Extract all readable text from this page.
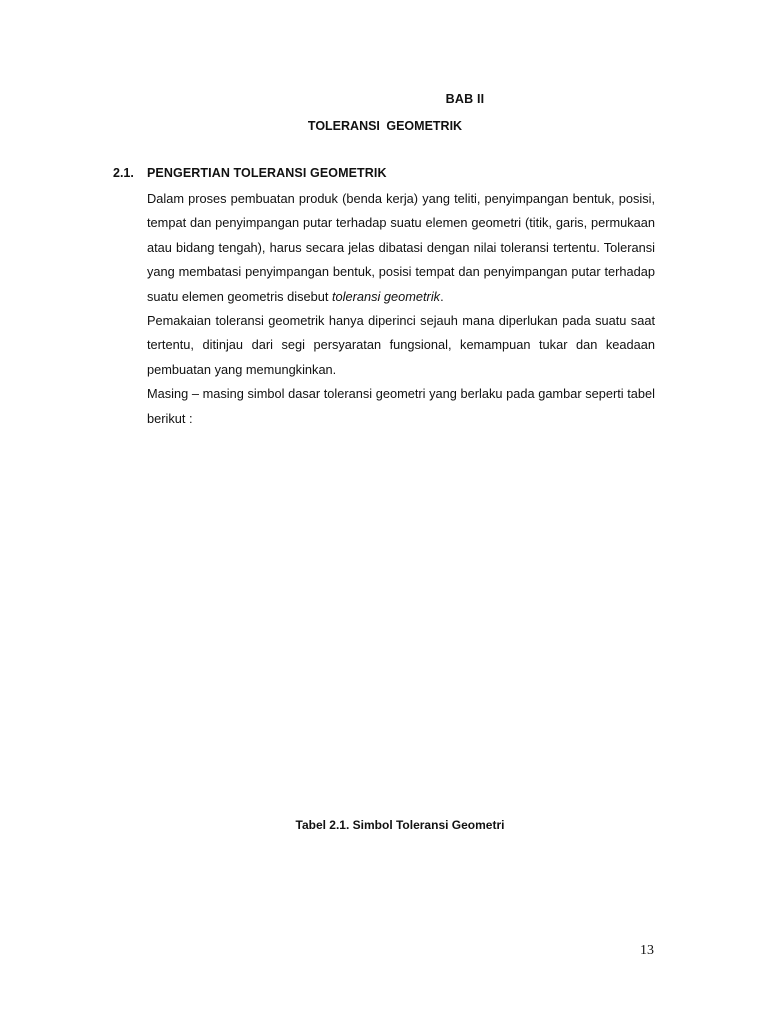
BAB II
TOLERANSI GEOMETRIK
2.1. PENGERTIAN TOLERANSI GEOMETRIK

Dalam proses pembuatan produk (benda kerja) yang teliti, penyimpangan bentuk, posisi, tempat dan penyimpangan putar terhadap suatu elemen geometri (titik, garis, permukaan atau bidang tengah), harus secara jelas dibatasi dengan nilai toleransi tertentu. Toleransi yang membatasi penyimpangan bentuk, posisi tempat dan penyimpangan putar terhadap suatu elemen geometris disebut toleransi geometrik.

Pemakaian toleransi geometrik hanya diperinci sejauh mana diperlukan pada suatu saat tertentu, ditinjau dari segi persyaratan fungsional, kemampuan tukar dan keadaan pembuatan yang memungkinkan.

Masing – masing simbol dasar toleransi geometri yang berlaku pada gambar seperti tabel berikut :

Tabel 2.1. Simbol Toleransi Geometri
13
